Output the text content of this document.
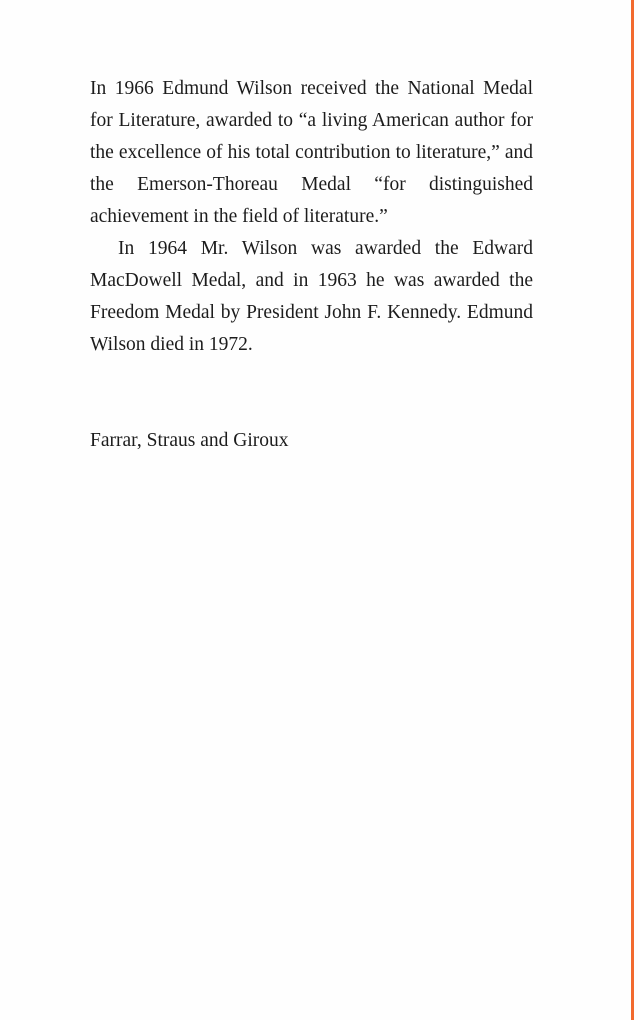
In 1966 Edmund Wilson received the National Medal for Literature, awarded to “a living American author for the excellence of his total contribution to literature,” and the Emerson-Thoreau Medal “for distinguished achievement in the field of literature.”

In 1964 Mr. Wilson was awarded the Edward MacDowell Medal, and in 1963 he was awarded the Freedom Medal by President John F. Kennedy. Edmund Wilson died in 1972.

Farrar, Straus and Giroux
